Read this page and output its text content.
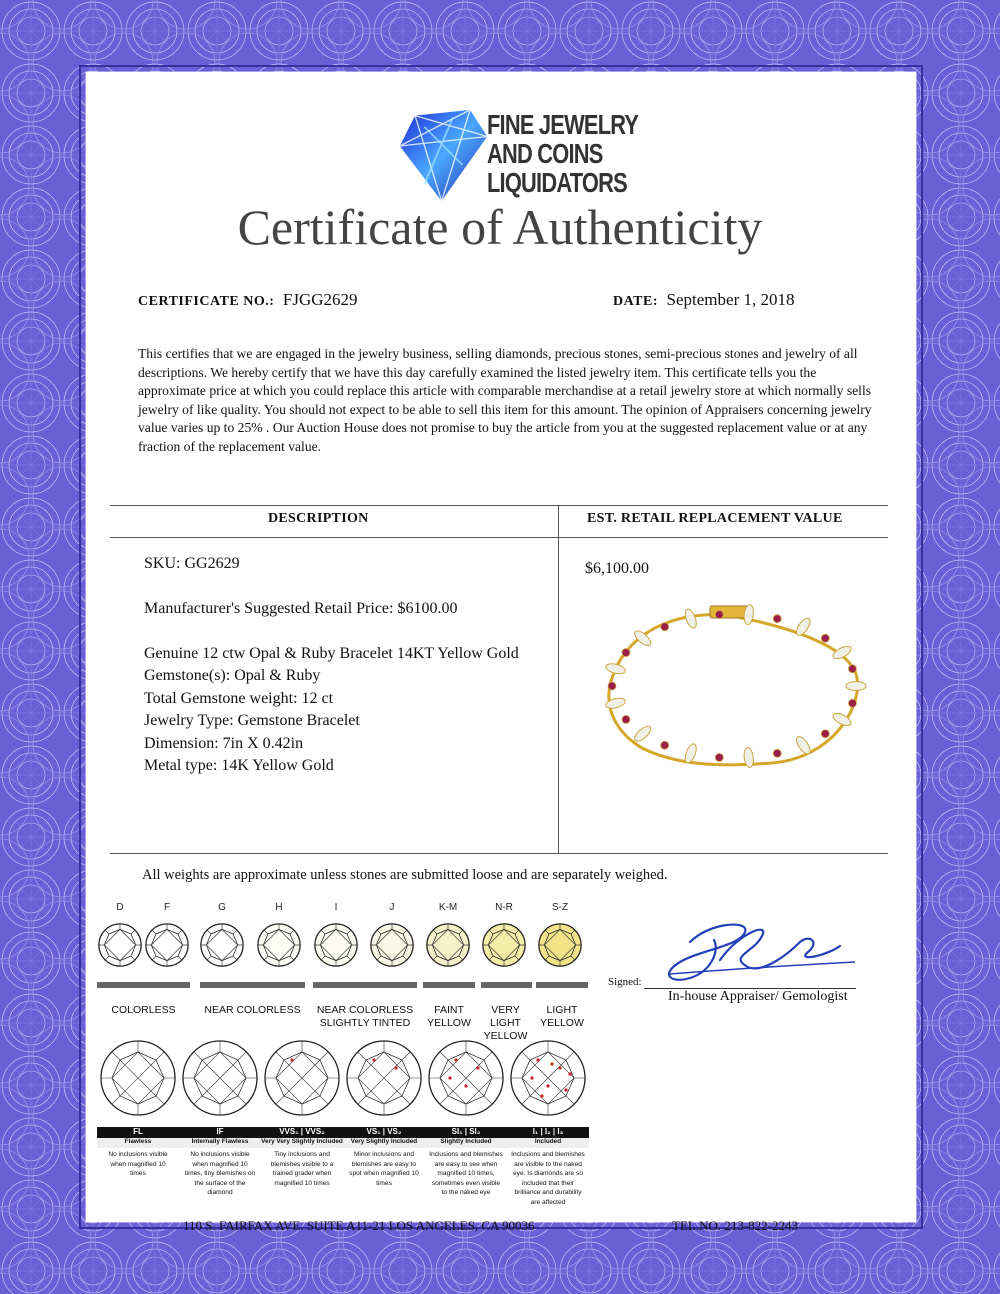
FINE JEWELRY
AND COINS
LIQUIDATORS
Certificate of Authenticity
CERTIFICATE NO.: FJGG2629	DATE: September 1, 2018
This certifies that we are engaged in the jewelry business, selling diamonds, precious stones, semi-precious stones and jewelry of all descriptions. We hereby certify that we have this day carefully examined the listed jewelry item. This certificate tells you the approximate price at which you could replace this article with comparable merchandise at a retail jewelry store at which normally sells jewelry of like quality. You should not expect to be able to sell this item for this amount. The opinion of Appraisers concerning jewelry value varies up to 25% . Our Auction House does not promise to buy the article from you at the suggested replacement value or at any fraction of the replacement value.
DESCRIPTION	EST. RETAIL REPLACEMENT VALUE
SKU: GG2629
Manufacturer's Suggested Retail Price: $6100.00
Genuine 12 ctw Opal & Ruby Bracelet 14KT Yellow Gold
Gemstone(s): Opal & Ruby
Total Gemstone weight: 12 ct
Jewelry Type: Gemstone Bracelet
Dimension: 7in X 0.42in
Metal type: 14K Yellow Gold
$6,100.00
All weights are approximate unless stones are submitted loose and are separately weighed.
D	F	G	H	I	J	K-M	N-R	S-Z
COLORLESS	NEAR COLORLESS	NEAR COLORLESS
SLIGHTLY TINTED
FAINT
YELLOW
VERY LIGHT
YELLOW
LIGHT
YELLOW
FL
Flawless
No inclusions visible
when magnified 10
times
IF
Internally Flawless
No inclusions visible
when magnified 10
times, tiny blemishes on
the surface of the
diamond
VVS₁ | VVS₂
Very Very Slightly Included
Tiny inclusions and
blemishes visible to a
trained grader when
magnified 10 times
VS₁ | VS₂
Very Slightly Included
Minor inclusions and
blemishes are easy to
spot when magnified 10
times
SI₁ | SI₂
Slightly Included
Inclusions and blemishes
are easy to see when
magnified 10 times,
sometimes even visible
to the naked eye
I₁ | I₂ | I₃
Included
Inclusions and blemishes
are visible to the naked
eye. Is diamonds are so
included that their
brilliance and durability
are affected
Signed:
In-house Appraiser/ Gemologist
110 S. FAIRFAX AVE. SUITE A11-21 LOS ANGELES, CA 90036	TEL.NO. 213-822-2243
